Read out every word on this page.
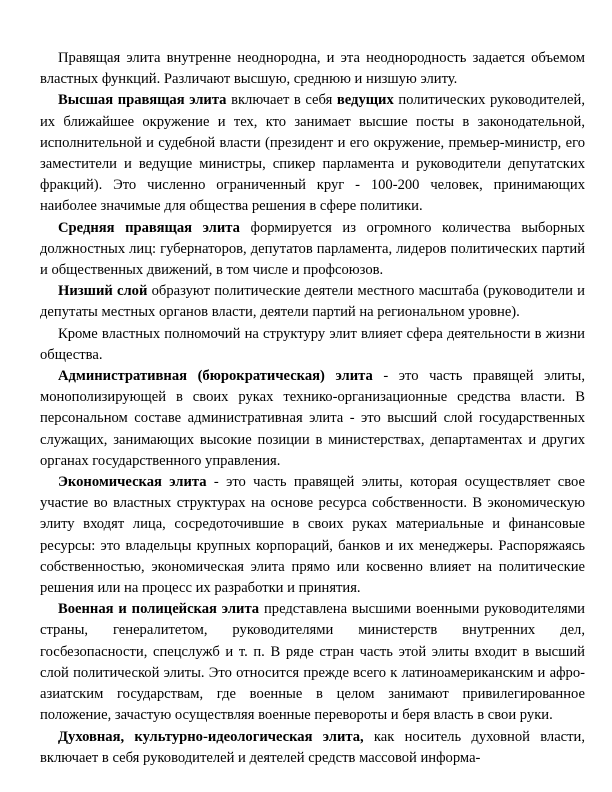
Правящая элита внутренне неоднородна, и эта неоднородность задается объемом властных функций. Различают высшую, среднюю и низшую элиту.

Высшая правящая элита включает в себя ведущих политических руководителей, их ближайшее окружение и тех, кто занимает высшие посты в законодательной, исполнительной и судебной власти (президент и его окружение, премьер-министр, его заместители и ведущие министры, спикер парламента и руководители депутатских фракций). Это численно ограниченный круг - 100-200 человек, принимающих наиболее значимые для общества решения в сфере политики.

Средняя правящая элита формируется из огромного количества выборных должностных лиц: губернаторов, депутатов парламента, лидеров политических партий и общественных движений, в том числе и профсоюзов.

Низший слой образуют политические деятели местного масштаба (руководители и депутаты местных органов власти, деятели партий на региональном уровне).

Кроме властных полномочий на структуру элит влияет сфера деятельности в жизни общества.

Административная (бюрократическая) элита - это часть правящей элиты, монополизирующей в своих руках технико-организационные средства власти. В персональном составе административная элита - это высший слой государственных служащих, занимающих высокие позиции в министерствах, департаментах и других органах государственного управления.

Экономическая элита - это часть правящей элиты, которая осуществляет свое участие во властных структурах на основе ресурса собственности. В экономическую элиту входят лица, сосредоточившие в своих руках материальные и финансовые ресурсы: это владельцы крупных корпораций, банков и их менеджеры. Распоряжаясь собственностью, экономическая элита прямо или косвенно влияет на политические решения или на процесс их разработки и принятия.

Военная и полицейская элита представлена высшими военными руководителями страны, генералитетом, руководителями министерств внутренних дел, госбезопасности, спецслужб и т. п. В ряде стран часть этой элиты входит в высший слой политической элиты. Это относится прежде всего к латиноамериканским и афро-азиатским государствам, где военные в целом занимают привилегированное положение, зачастую осуществляя военные перевороты и беря власть в свои руки.

Духовная, культурно-идеологическая элита, как носитель духовной власти, включает в себя руководителей и деятелей средств массовой информа-
